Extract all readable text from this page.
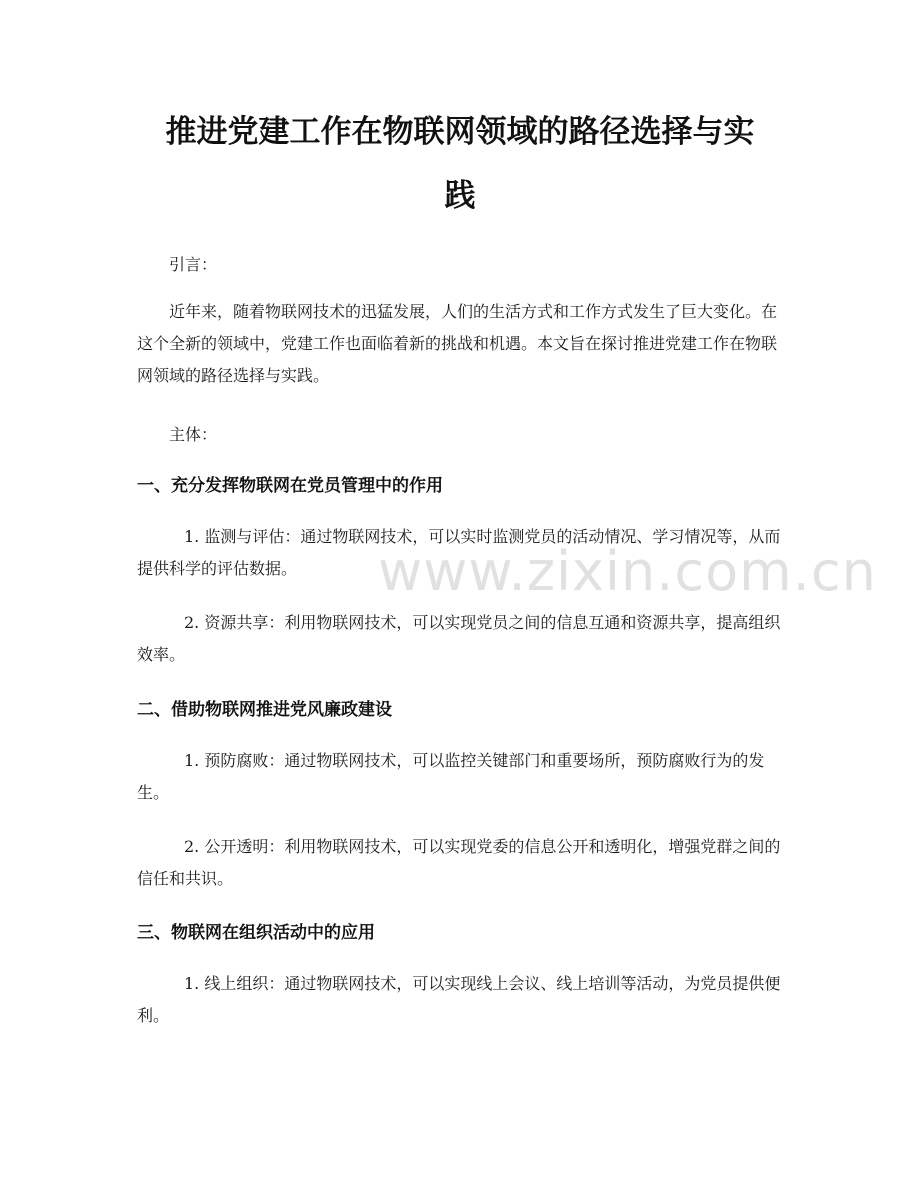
推进党建工作在物联网领域的路径选择与实
践
引言：

近年来，随着物联网技术的迅猛发展，人们的生活方式和工作方式发生了巨大变化。在这个全新的领域中，党建工作也面临着新的挑战和机遇。本文旨在探讨推进党建工作在物联网领域的路径选择与实践。

主体：
一、充分发挥物联网在党员管理中的作用

1. 监测与评估：通过物联网技术，可以实时监测党员的活动情况、学习情况等，从而提供科学的评估数据。

2. 资源共享：利用物联网技术，可以实现党员之间的信息互通和资源共享，提高组织效率。

二、借助物联网推进党风廉政建设

1. 预防腐败：通过物联网技术，可以监控关键部门和重要场所，预防腐败行为的发生。

2. 公开透明：利用物联网技术，可以实现党委的信息公开和透明化，增强党群之间的信任和共识。

三、物联网在组织活动中的应用

1. 线上组织：通过物联网技术，可以实现线上会议、线上培训等活动，为党员提供便利。

www.zixin.com.cn
